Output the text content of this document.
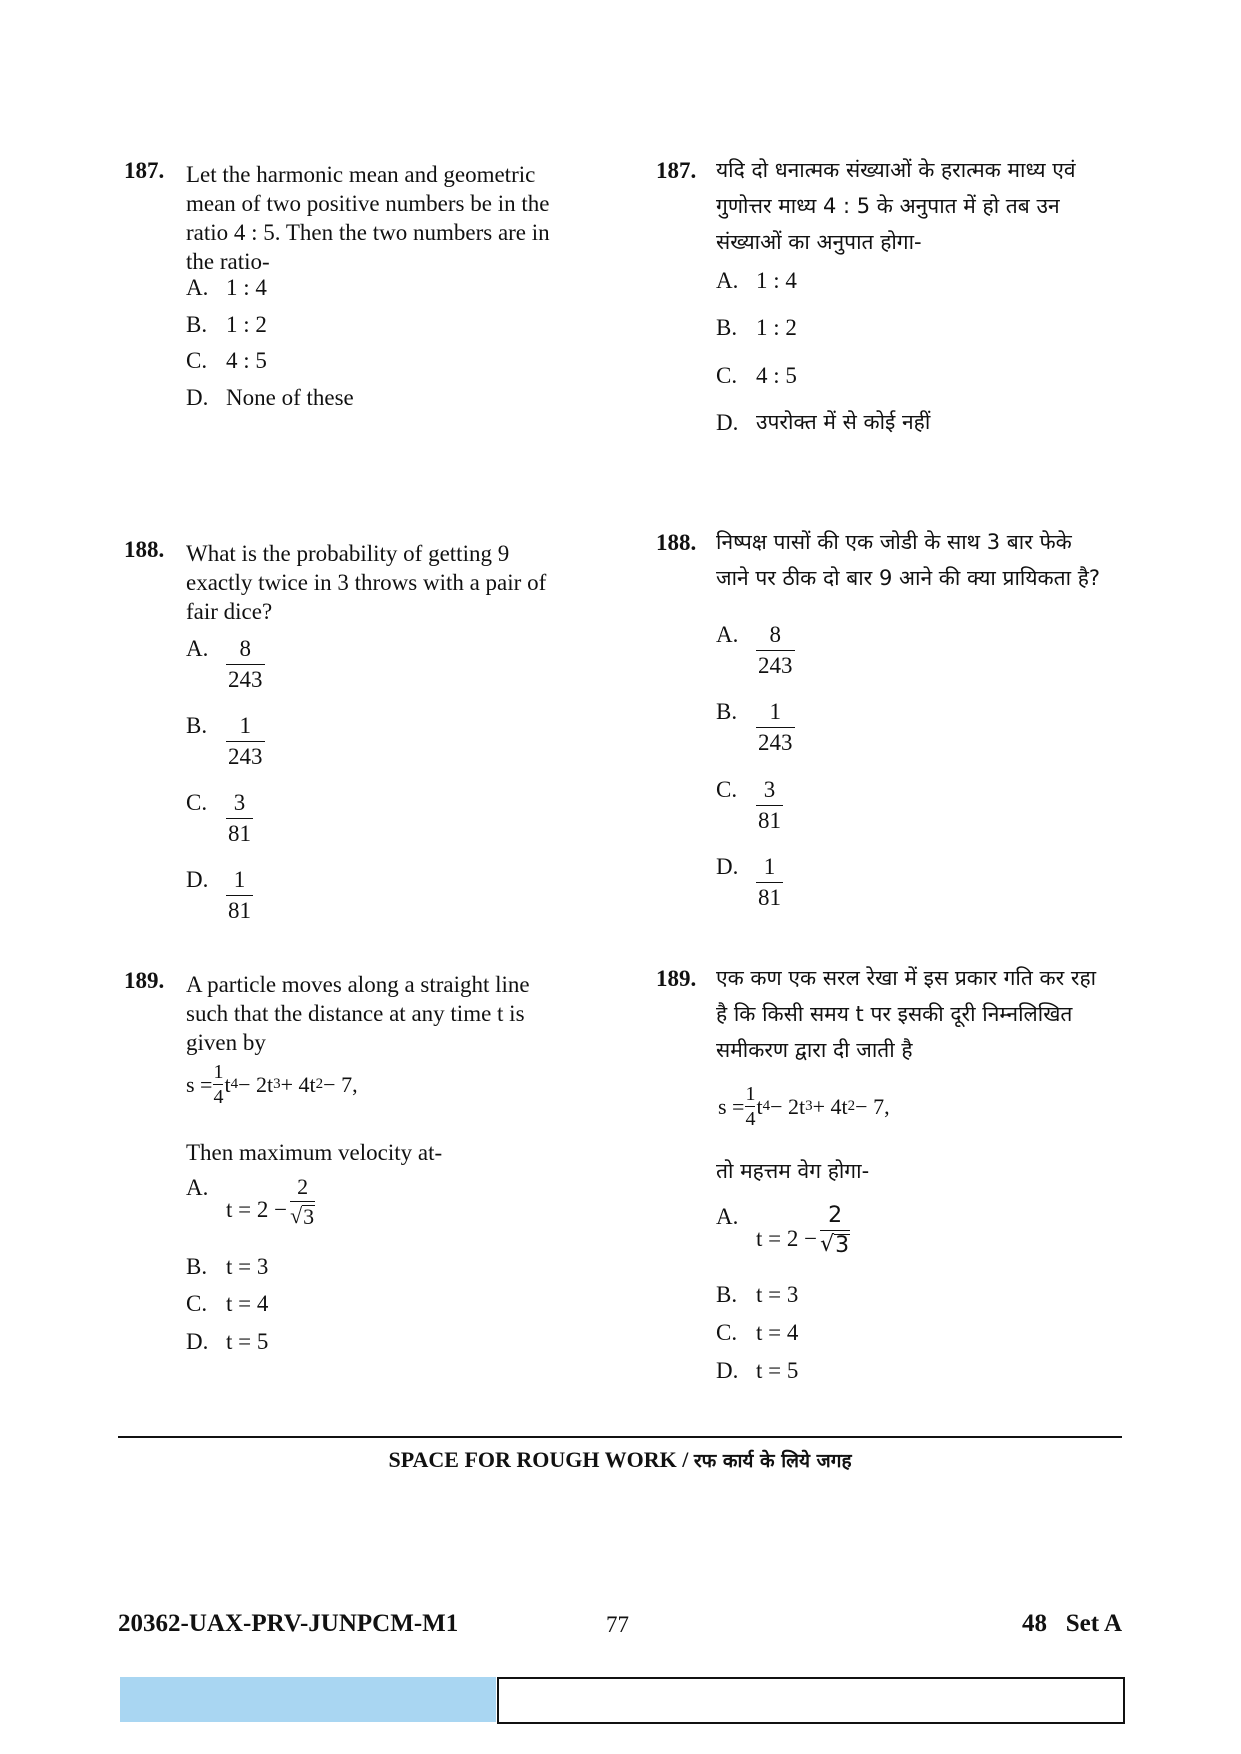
187. Let the harmonic mean and geometric
mean of two positive numbers be in the
ratio 4 : 5. Then the two numbers are in
the ratio-
A. 1 : 4
B. 1 : 2
C. 4 : 5
D. None of these
188. What is the probability of getting 9
exactly twice in 3 throws with a pair of
fair dice?
A. $\frac{8}{243}$
B. $\frac{1}{243}$
C. $\frac{3}{81}$
D. $\frac{1}{81}$
189. A particle moves along a straight line
such that the distance at any time t is
given by
$s = \frac{1}{4}$ t 4 − 2t 3 + 4t 2 − 7,
Then maximum velocity at-
A.
$t = 2 - \frac{2}{√ 3}$
B. t = 3
C. t = 4
D. t = 5
187. यदि दो धनात्मक संख्याओं के हरात्मक माध्य एवं
गुणोत्तर माध्य 4 : 5 के अनुपात में हो तब उन
संख्याओं का अनुपात होगा-
A. 1 : 4
B. 1 : 2
C. 4 : 5
D. उपरोक्त में से कोई नहीं
188. निष्पक्ष पासों की एक जोडी के साथ 3 बार फेके
जाने पर ठीक दो बार 9 आने की क्या प्रायिकता है?
A. $\frac{8}{243}$
B. $\frac{1}{243}$
C. $\frac{3}{81}$
D. $\frac{1}{81}$
189. एक कण एक सरल रेखा में इस प्रकार गति कर रहा
है कि किसी समय t पर इसकी दूरी निम्नलिखित
समीकरण द्वारा दी जाती है
$s = \frac{1}{4}$ t 4 − 2t 3 + 4t 2 − 7,
तो महत्तम वेग होगा-
A.
$t = 2 - \frac{2}{√ 3}$
B. t = 3
C. t = 4
D. t = 5
SPACE FOR ROUGH WORK / रफ कार्य के लिये जगह
20362-UAX-PRV-JUNPCM-M1	77	48   Set A
